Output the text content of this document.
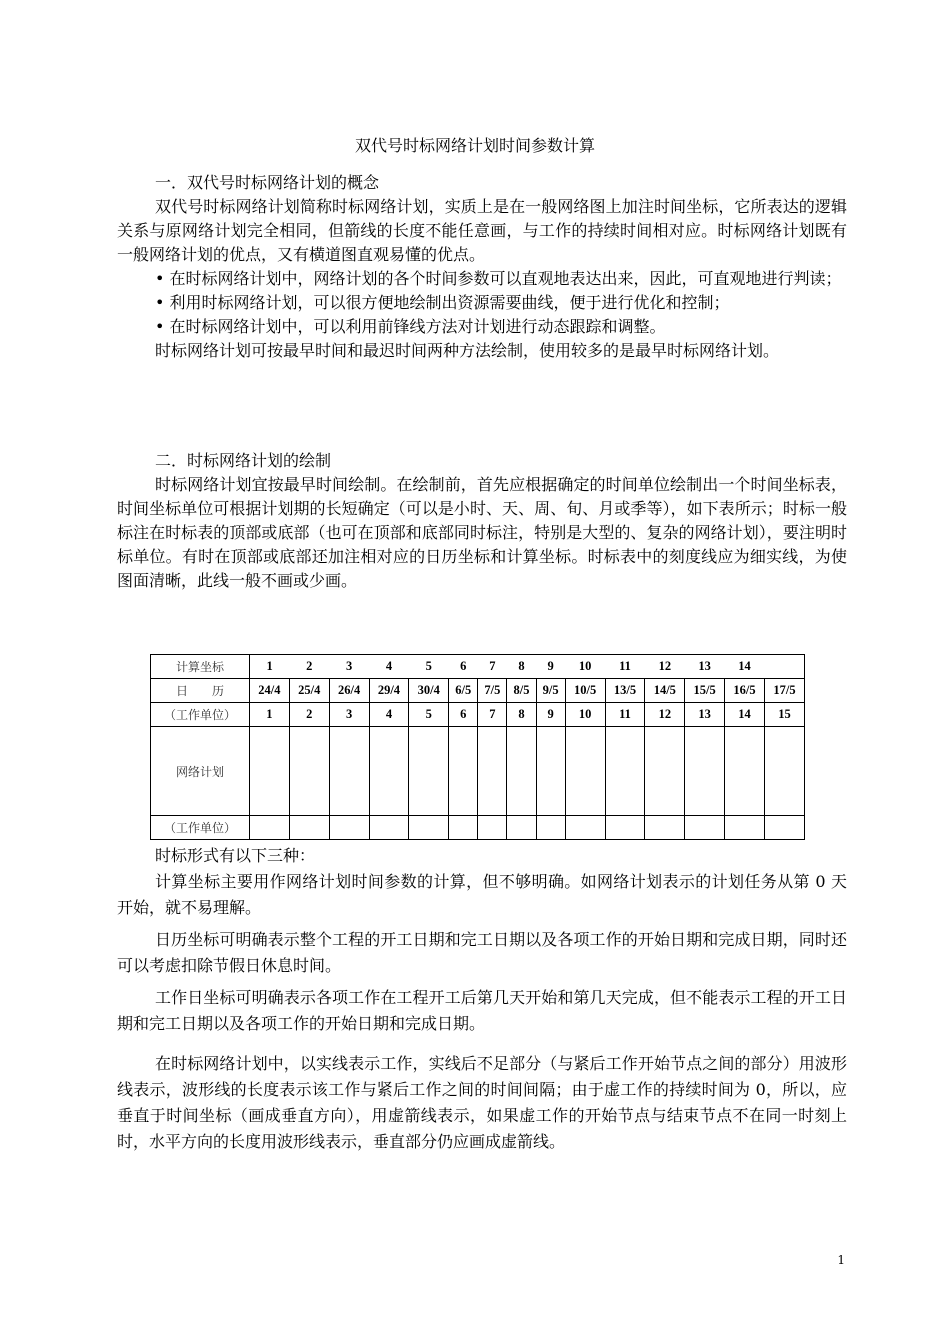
双代号时标网络计划时间参数计算
一．双代号时标网络计划的概念

双代号时标网络计划简称时标网络计划，实质上是在一般网络图上加注时间坐标，它所表达的逻辑关系与原网络计划完全相同，但箭线的长度不能任意画，与工作的持续时间相对应。时标网络计划既有一般网络计划的优点，又有横道图直观易懂的优点。

• 在时标网络计划中，网络计划的各个时间参数可以直观地表达出来，因此，可直观地进行判读；

• 利用时标网络计划，可以很方便地绘制出资源需要曲线，便于进行优化和控制；

• 在时标网络计划中，可以利用前锋线方法对计划进行动态跟踪和调整。

时标网络计划可按最早时间和最迟时间两种方法绘制，使用较多的是最早时标网络计划。

二．时标网络计划的绘制

时标网络计划宜按最早时间绘制。在绘制前，首先应根据确定的时间单位绘制出一个时间坐标表，时间坐标单位可根据计划期的长短确定（可以是小时、天、周、旬、月或季等），如下表所示；时标一般标注在时标表的顶部或底部（也可在顶部和底部同时标注，特别是大型的、复杂的网络计划），要注明时标单位。有时在顶部或底部还加注相对应的日历坐标和计算坐标。时标表中的刻度线应为细实线，为使图面清晰，此线一般不画或少画。

计算坐标	1	2	3	4	5	6	7	8	9	10	11	12	13	14	
日　　历	24/4	25/4	26/4	29/4	30/4	6/5	7/5	8/5	9/5	10/5	13/5	14/5	15/5	16/5	17/5
（工作单位）	1	2	3	4	5	6	7	8	9	10	11	12	13	14	15
网络计划															
（工作单位）															
时标形式有以下三种：

计算坐标主要用作网络计划时间参数的计算，但不够明确。如网络计划表示的计划任务从第 0 天开始，就不易理解。

日历坐标可明确表示整个工程的开工日期和完工日期以及各项工作的开始日期和完成日期，同时还可以考虑扣除节假日休息时间。

工作日坐标可明确表示各项工作在工程开工后第几天开始和第几天完成，但不能表示工程的开工日期和完工日期以及各项工作的开始日期和完成日期。

在时标网络计划中，以实线表示工作，实线后不足部分（与紧后工作开始节点之间的部分）用波形线表示，波形线的长度表示该工作与紧后工作之间的时间间隔；由于虚工作的持续时间为 0，所以，应垂直于时间坐标（画成垂直方向），用虚箭线表示，如果虚工作的开始节点与结束节点不在同一时刻上时，水平方向的长度用波形线表示，垂直部分仍应画成虚箭线。

1
